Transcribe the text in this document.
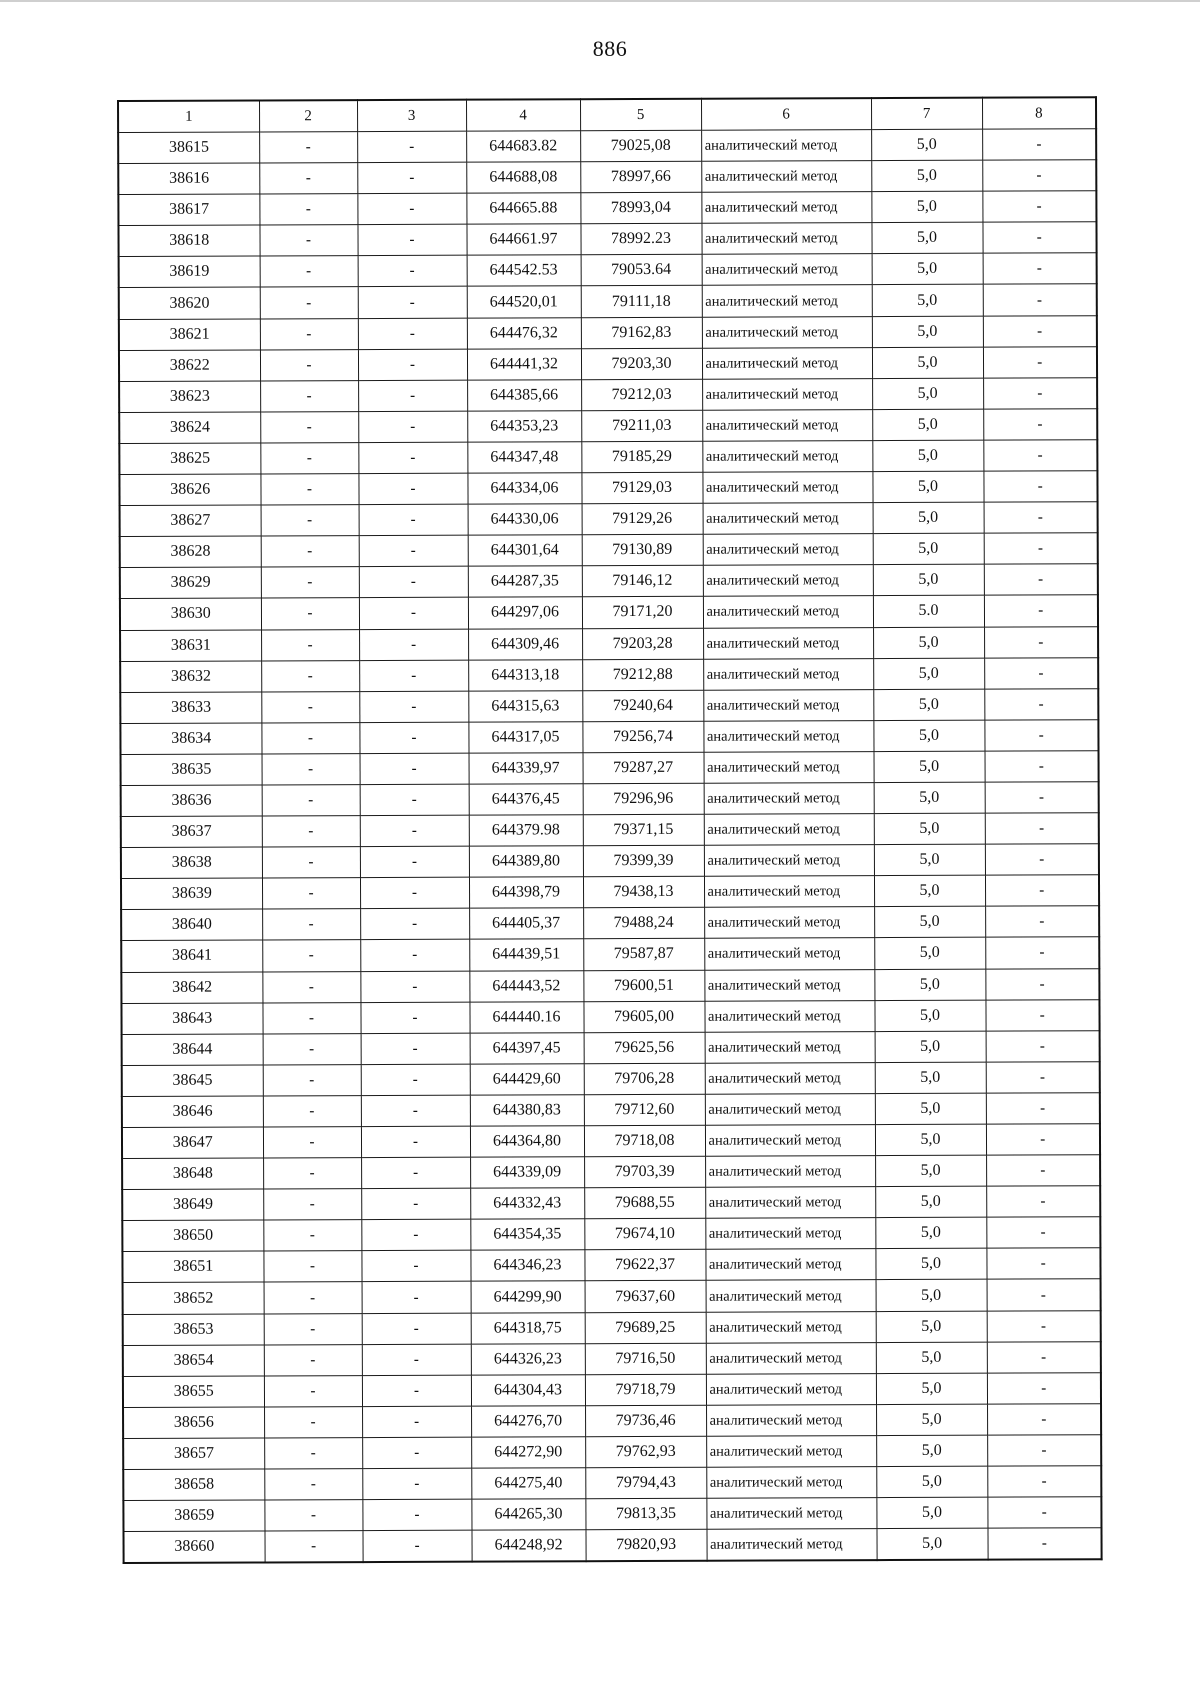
886
1	2	3	4	5	6	7	8
38615	-	-	644683.82	79025,08	аналитический метод	5,0	-
38616	-	-	644688,08	78997,66	аналитический метод	5,0	-
38617	-	-	644665.88	78993,04	аналитический метод	5,0	-
38618	-	-	644661.97	78992.23	аналитический метод	5,0	-
38619	-	-	644542.53	79053.64	аналитический метод	5,0	-
38620	-	-	644520,01	79111,18	аналитический метод	5,0	-
38621	-	-	644476,32	79162,83	аналитический метод	5,0	-
38622	-	-	644441,32	79203,30	аналитический метод	5,0	-
38623	-	-	644385,66	79212,03	аналитический метод	5,0	-
38624	-	-	644353,23	79211,03	аналитический метод	5,0	-
38625	-	-	644347,48	79185,29	аналитический метод	5,0	-
38626	-	-	644334,06	79129,03	аналитический метод	5,0	-
38627	-	-	644330,06	79129,26	аналитический метод	5,0	-
38628	-	-	644301,64	79130,89	аналитический метод	5,0	-
38629	-	-	644287,35	79146,12	аналитический метод	5,0	-
38630	-	-	644297,06	79171,20	аналитический метод	5.0	-
38631	-	-	644309,46	79203,28	аналитический метод	5,0	-
38632	-	-	644313,18	79212,88	аналитический метод	5,0	-
38633	-	-	644315,63	79240,64	аналитический метод	5,0	-
38634	-	-	644317,05	79256,74	аналитический метод	5,0	-
38635	-	-	644339,97	79287,27	аналитический метод	5,0	-
38636	-	-	644376,45	79296,96	аналитический метод	5,0	-
38637	-	-	644379.98	79371,15	аналитический метод	5,0	-
38638	-	-	644389,80	79399,39	аналитический метод	5,0	-
38639	-	-	644398,79	79438,13	аналитический метод	5,0	-
38640	-	-	644405,37	79488,24	аналитический метод	5,0	-
38641	-	-	644439,51	79587,87	аналитический метод	5,0	-
38642	-	-	644443,52	79600,51	аналитический метод	5,0	-
38643	-	-	644440.16	79605,00	аналитический метод	5,0	-
38644	-	-	644397,45	79625,56	аналитический метод	5,0	-
38645	-	-	644429,60	79706,28	аналитический метод	5,0	-
38646	-	-	644380,83	79712,60	аналитический метод	5,0	-
38647	-	-	644364,80	79718,08	аналитический метод	5,0	-
38648	-	-	644339,09	79703,39	аналитический метод	5,0	-
38649	-	-	644332,43	79688,55	аналитический метод	5,0	-
38650	-	-	644354,35	79674,10	аналитический метод	5,0	-
38651	-	-	644346,23	79622,37	аналитический метод	5,0	-
38652	-	-	644299,90	79637,60	аналитический метод	5,0	-
38653	-	-	644318,75	79689,25	аналитический метод	5,0	-
38654	-	-	644326,23	79716,50	аналитический метод	5,0	-
38655	-	-	644304,43	79718,79	аналитический метод	5,0	-
38656	-	-	644276,70	79736,46	аналитический метод	5,0	-
38657	-	-	644272,90	79762,93	аналитический метод	5,0	-
38658	-	-	644275,40	79794,43	аналитический метод	5,0	-
38659	-	-	644265,30	79813,35	аналитический метод	5,0	-
38660	-	-	644248,92	79820,93	аналитический метод	5,0	-
